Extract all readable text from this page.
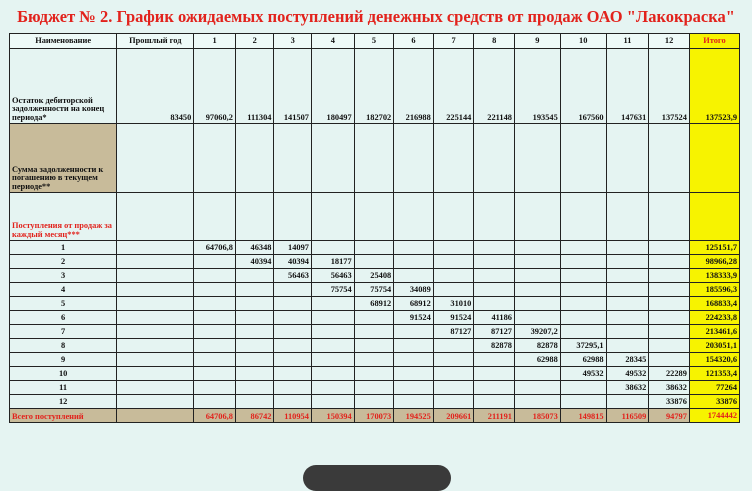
Бюджет № 2. График ожидаемых поступлений денежных средств от продаж ОАО "Лакокраска"
Наименование	Прошлый год	1	2	3	4	5	6	7	8	9	10	11	12	Итого
Остаток дебиторской задолженности на конец периода*	83450	97060,2	111304	141507	180497	182702	216988	225144	221148	193545	167560	147631	137524	137523,9
Сумма задолженности к погашению в текущем периоде**														
Поступления от продаж за каждый месяц***														
1		64706,8	46348	14097										125151,7
2			40394	40394	18177									98966,28
3				56463	56463	25408								138333,9
4					75754	75754	34089							185596,3
5						68912	68912	31010						168833,4
6							91524	91524	41186					224233,8
7								87127	87127	39207,2				213461,6
8									82878	82878	37295,1			203051,1
9										62988	62988	28345		154320,6
10											49532	49532	22289	121353,4
11												38632	38632	77264
12													33876	33876
Всего поступлений		64706,8	86742	110954	150394	170073	194525	209661	211191	185073	149815	116509	94797	1744442
